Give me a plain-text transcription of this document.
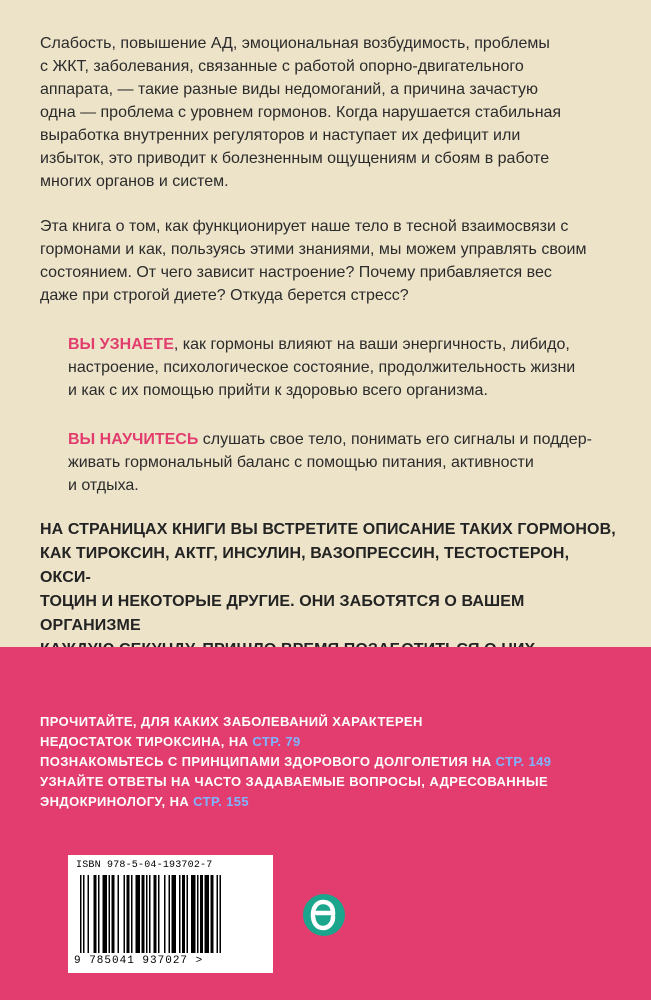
Слабость, повышение АД, эмоциональная возбудимость, проблемы
с ЖКТ, заболевания, связанные с работой опорно-двигательного
аппарата, — такие разные виды недомоганий, а причина зачастую
одна — проблема с уровнем гормонов. Когда нарушается стабильная
выработка внутренних регуляторов и наступает их дефицит или
избыток, это приводит к болезненным ощущениям и сбоям в работе
многих органов и систем.
Эта книга о том, как функционирует наше тело в тесной взаимосвязи с
гормонами и как, пользуясь этими знаниями, мы можем управлять своим
состоянием. От чего зависит настроение? Почему прибавляется вес
даже при строгой диете? Откуда берется стресс?
ВЫ УЗНАЕТЕ, как гормоны влияют на ваши энергичность, либидо,
настроение, психологическое состояние, продолжительность жизни
и как с их помощью прийти к здоровью всего организма.
ВЫ НАУЧИТЕСЬ слушать свое тело, понимать его сигналы и поддер-
живать гормональный баланс с помощью питания, активности
и отдыха.
НА СТРАНИЦАХ КНИГИ ВЫ ВСТРЕТИТЕ ОПИСАНИЕ ТАКИХ ГОРМОНОВ,
КАК ТИРОКСИН, АКТГ, ИНСУЛИН, ВАЗОПРЕССИН, ТЕСТОСТЕРОН, ОКСИ-
ТОЦИН И НЕКОТОРЫЕ ДРУГИЕ. ОНИ ЗАБОТЯТСЯ О ВАШЕМ ОРГАНИЗМЕ
ПРОЧИТАЙТЕ, ДЛЯ КАКИХ ЗАБОЛЕВАНИЙ ХАРАКТЕРЕН
НЕДОСТАТОК ТИРОКСИНА, НА СТР. 79
ПОЗНАКОМЬТЕСЬ С ПРИНЦИПАМИ ЗДОРОВОГО ДОЛГОЛЕТИЯ НА СТР. 149
УЗНАЙТЕ ОТВЕТЫ НА ЧАСТО ЗАДАВАЕМЫЕ ВОПРОСЫ, АДРЕСОВАННЫЕ
ЭНДОКРИНОЛОГУ, НА СТР. 155
ISBN 978-5-04-193702-7
9 785041 937027 >
